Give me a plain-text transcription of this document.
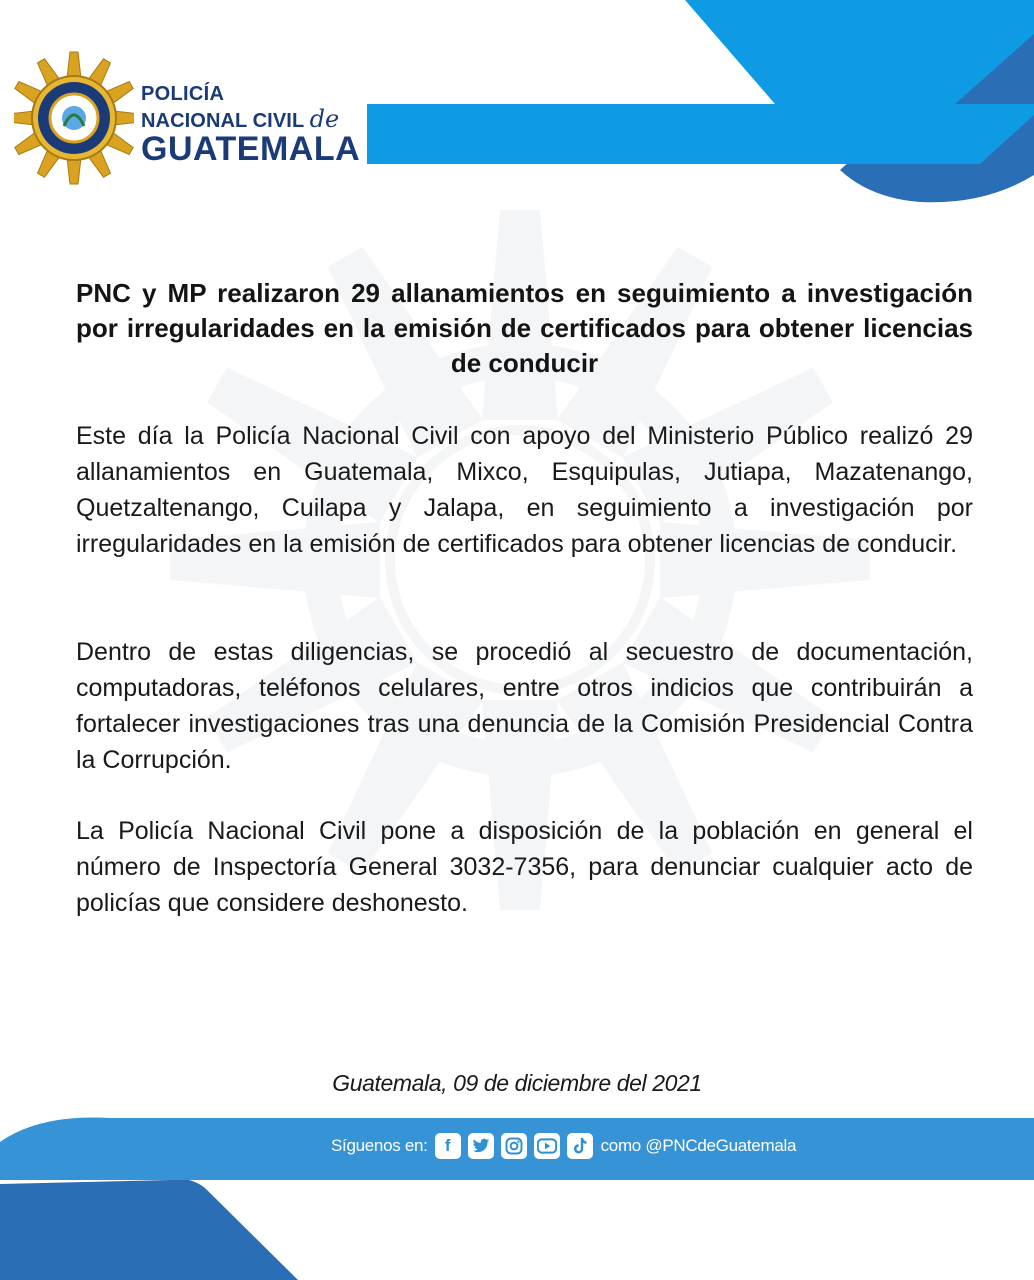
POLICÍA
NACIONAL CIVIL de
GUATEMALA
PNC y MP realizaron 29 allanamientos en seguimiento a investigación por irregularidades en la emisión de certificados para obtener licencias de conducir

Este día la Policía Nacional Civil con apoyo del Ministerio Público realizó 29 allanamientos en Guatemala, Mixco, Esquipulas, Jutiapa, Mazatenango, Quetzaltenango, Cuilapa y Jalapa, en seguimiento a investigación por irregularidades en la emisión de certificados para obtener licencias de conducir.

Dentro de estas diligencias, se procedió al secuestro de documentación, computadoras, teléfonos celulares, entre otros indicios que contribuirán a fortalecer investigaciones tras una denuncia de la Comisión Presidencial Contra la Corrupción.

La Policía Nacional Civil pone a disposición de la población en general el número de Inspectoría General 3032-7356, para denunciar cualquier acto de policías que considere deshonesto.

Guatemala, 09 de diciembre del 2021
Síguenos en:	f	como @PNCdeGuatemala
